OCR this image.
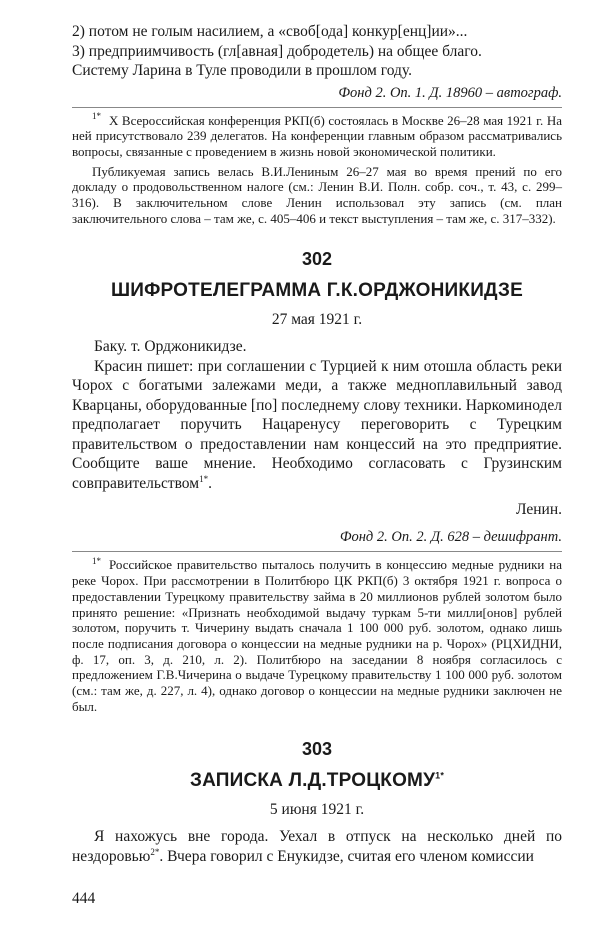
2) потом не голым насилием, а «своб[ода] конкур[енц]ии»...

3) предприимчивость (гл[авная] добродетель) на общее благо.

Систему Ларина в Туле проводили в прошлом году.

Фонд 2. Оп. 1. Д. 18960 – автограф.

$^{1*}$ X Всероссийская конференция РКП(б) состоялась в Москве 26–28 мая 1921 г. На ней присутствовало 239 делегатов. На конференции главным образом рассматривались вопросы, связанные с проведением в жизнь новой экономической политики.

Публикуемая запись велась В.И.Лениным 26–27 мая во время прений по его докладу о продовольственном налоге (см.: Ленин В.И. Полн. собр. соч., т. 43, с. 299–316). В заключительном слове Ленин использовал эту запись (см. план заключительного слова – там же, с. 405–406 и текст выступления – там же, с. 317–332).

302

ШИФРОТЕЛЕГРАММА Г.К.ОРДЖОНИКИДЗЕ

27 мая 1921 г.

Баку. т. Орджоникидзе.

Красин пишет: при соглашении с Турцией к ним отошла область реки Чорох с богатыми залежами меди, а также медноплавильный завод Кварцаны, оборудованные [по] последнему слову техники. Наркоминодел предполагает поручить Нацаренусу переговорить с Турецким правительством о предоставлении нам концессий на это предприятие. Сообщите ваше мнение. Необходимо согласовать с Грузинским совправительством$^{1*}$.

Ленин.

Фонд 2. Оп. 2. Д. 628 – дешифрант.

$^{1*}$ Российское правительство пыталось получить в концессию медные рудники на реке Чорох. При рассмотрении в Политбюро ЦК РКП(б) 3 октября 1921 г. вопроса о предоставлении Турецкому правительству займа в 20 миллионов рублей золотом было принято решение: «Признать необходимой выдачу туркам 5-ти милли[онов] рублей золотом, поручить т. Чичерину выдать сначала 1 100 000 руб. золотом, однако лишь после подписания договора о концессии на медные рудники на р. Чорох» (РЦХИДНИ, ф. 17, оп. 3, д. 210, л. 2). Политбюро на заседании 8 ноября согласилось с предложением Г.В.Чичерина о выдаче Турецкому правительству 1 100 000 руб. золотом (см.: там же, д. 227, л. 4), однако договор о концессии на медные рудники заключен не был.

303

ЗАПИСКА $Л.Д.ТРОЦКОМУ^{1*}$

5 июня 1921 г.

Я нахожусь вне города. Уехал в отпуск на несколько дней по нездоровью$^{2*}$. Вчера говорил с Енукидзе, считая его членом комиссии

444
